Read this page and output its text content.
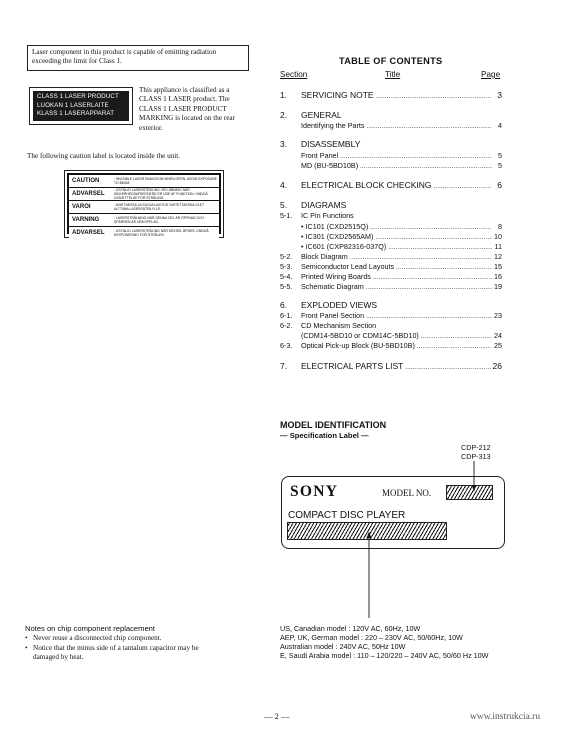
Laser component in this product is capable of emitting radiation
exceeding the limit for Class 1.
CLASS 1 LASER PRODUCT
LUOKAN 1 LASERLAITE
KLASS 1 LASERAPPARAT
This appliance is classified as a
CLASS 1 LASER product. The
CLASS 1 LASER PRODUCT
MARKING is located on the rear
exterior.
The following caution label is located inside the unit.
CAUTION	: INVISIBLE LASER RADIATION WHEN OPEN. AVOID EXPOSURE TO BEAM.
ADVARSEL
: USYNLIG LASERSTRÅLING VED ÅBNING NÅR SIKKERHEDSAFBRYDERE ER UDE AF FUNKTION. UNDGÅ UDSÆTTELSE FOR STRÅLING.
VAROI	: AVATTAESSA JA SUOJALUKITUS OHITETTAESSA OLET ALTTIINA LASERSÄTEILYLLE.
VARNING	: LASERSTRÅLNING NÄR DENNA DEL ÄR ÖPPNAD OCH SPÄRREN ÄR URKOPPLAD.
ADVARSEL	: USYNLIG LASERSTRÅLING NÅR DEKSEL ÅPNES. UNNGÅ EKSPONERING FOR STRÅLEN.
TABLE OF CONTENTS
Section	Title	Page
1.	SERVICING NOTE .....	3
2.	GENERAL
Identifying the Parts .....	4
3.	DISASSEMBLY
Front Panel .....	5
MD (BU-5BD10B) .....	5
4.	ELECTRICAL BLOCK CHECKING .....	6
5.	DIAGRAMS
5-1.	IC Pin Functions
• IC101 (CXD2515Q) .....	8
• IC301 (CXD2565AM) .....	10
• IC601 (CXP82316-037Q) .....	11
5-2.	Block Diagram .....	12
5-3.	Semiconductor Lead Layouts .....	15
5-4.	Printed Wiring Boards .....	16
5-5.	Schematic Diagram .....	19
6.	EXPLODED VIEWS
6-1.	Front Panel Section .....	23
6-2.	CD Mechanism Section
(CDM14-5BD10 or CDM14C-5BD10) .....	24
6-3.	Optical Pick-up Block (BU-5BD10B) .....	25
7.	ELECTRICAL PARTS LIST .....	26
MODEL IDENTIFICATION
— Specification Label —
CDP-212
CDP-313
SONY	MODEL NO.
COMPACT DISC PLAYER
US, Canadian model : 120V AC, 60Hz, 10W
AEP, UK, German model : 220 – 230V AC, 50/60Hz, 10W
Australian model : 240V AC, 50Hz 10W
E, Saudi Arabia model : 110 – 120/220 – 240V AC, 50/60 Hz 10W
Notes on chip component replacement
• Never reuse a disconnected chip component.
• Notice that the minus side of a tantalum capacitor may be
damaged by heat.
— 2 —	www.instrukcia.ru
